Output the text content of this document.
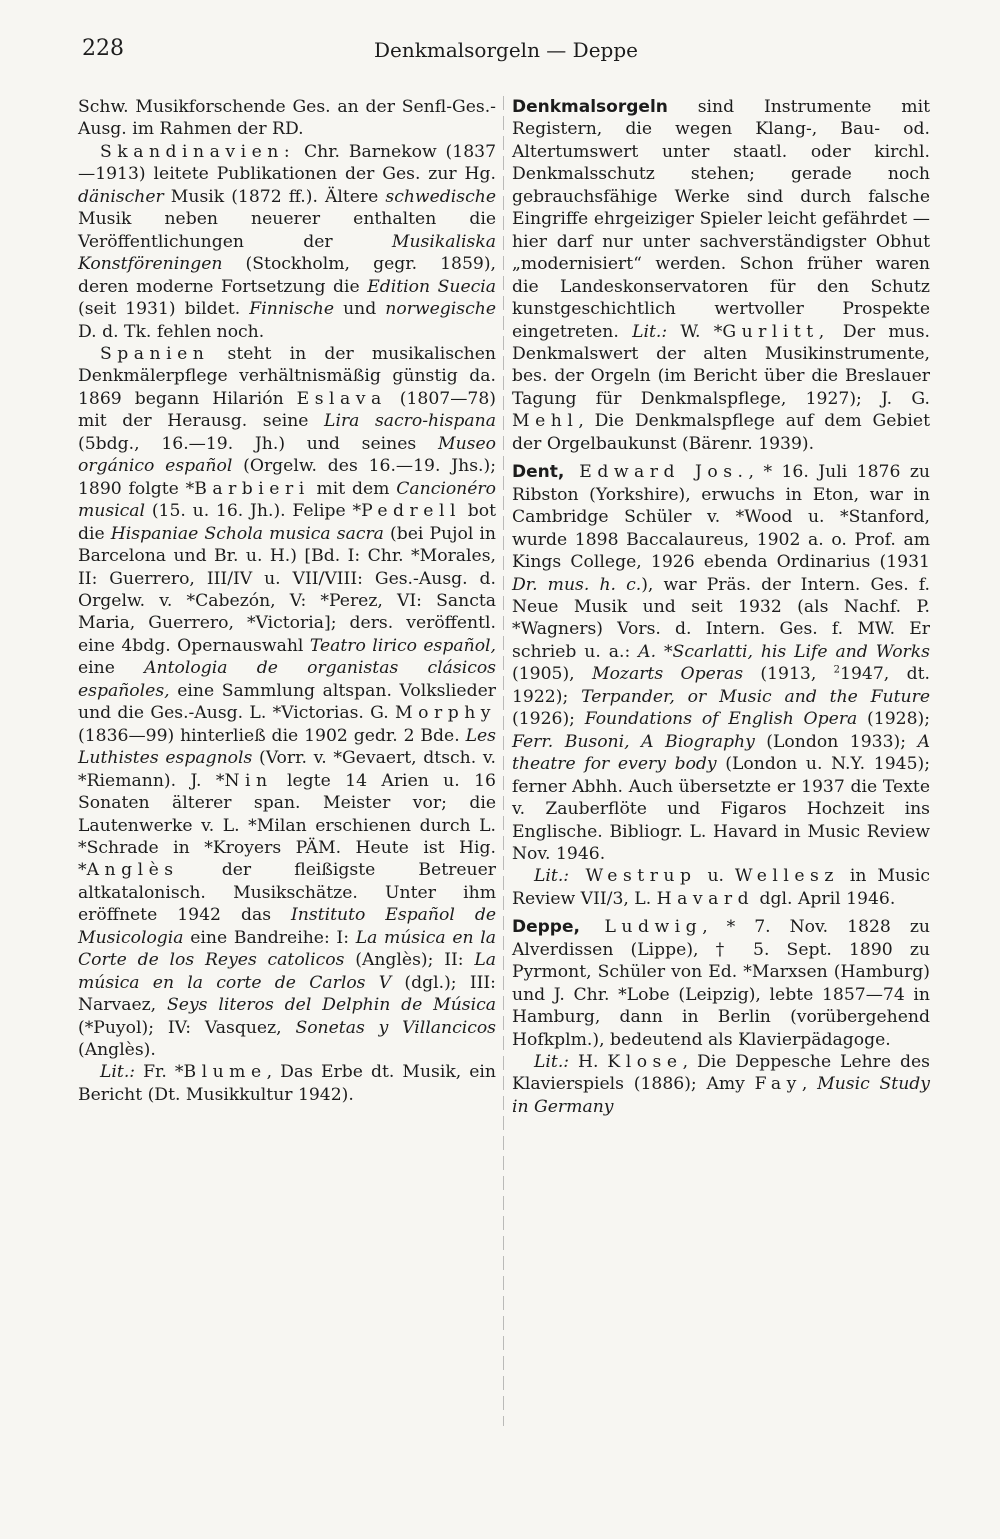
228	Denkmalsorgeln — Deppe

Schw. Musikforschende Ges. an der Senfl-Ges.-Ausg. im Rahmen der RD.

Skandinavien: Chr. Barnekow (1837—1913) leitete Publikationen der Ges. zur Hg. dänischer Musik (1872 ff.). Ältere schwedische Musik neben neuerer enthalten die Veröffentlichungen der Musikaliska Konstföreningen (Stockholm, gegr. 1859), deren moderne Fortsetzung die Edition Suecia (seit 1931) bildet. Finnische und norwegische D. d. Tk. fehlen noch.

Spanien steht in der musikalischen Denkmälerpflege verhältnismäßig günstig da. 1869 begann Hilarión Eslava (1807—78) mit der Herausg. seine Lira sacro-hispana (5bdg., 16.—19. Jh.) und seines Museo orgánico español (Orgelw. des 16.—19. Jhs.); 1890 folgte *Barbieri mit dem Cancionéro musical (15. u. 16. Jh.). Felipe *Pedrell bot die Hispaniae Schola musica sacra (bei Pujol in Barcelona und Br. u. H.) [Bd. I: Chr. *Morales, II: Guerrero, III/IV u. VII/VIII: Ges.-Ausg. d. Orgelw. v. *Cabezón, V: *Perez, VI: Sancta Maria, Guerrero, *Victoria]; ders. veröffentl. eine 4bdg. Opernauswahl Teatro lirico español, eine Antologia de organistas clásicos españoles, eine Sammlung altspan. Volkslieder und die Ges.-Ausg. L. *Victorias. G. Morphy (1836—99) hinterließ die 1902 gedr. 2 Bde. Les Luthistes espagnols (Vorr. v. *Gevaert, dtsch. v. *Riemann). J. *Nin legte 14 Arien u. 16 Sonaten älterer span. Meister vor; die Lautenwerke v. L. *Milan erschienen durch L. *Schrade in *Kroyers PÄM. Heute ist Hig. *Anglès der fleißigste Betreuer altkatalonisch. Musikschätze. Unter ihm eröffnete 1942 das Instituto Español de Musicologia eine Bandreihe: I: La música en la Corte de los Reyes catolicos (Anglès); II: La música en la corte de Carlos V (dgl.); III: Narvaez, Seys literos del Delphin de Música (*Puyol); IV: Vasquez, Sonetas y Villancicos (Anglès).

Lit.: Fr. *Blume, Das Erbe dt. Musik, ein Bericht (Dt. Musikkultur 1942).

Denkmalsorgeln sind Instrumente mit Registern, die wegen Klang-, Bau- od. Altertumswert unter staatl. oder kirchl. Denkmalsschutz stehen; gerade noch gebrauchsfähige Werke sind durch falsche Eingriffe ehrgeiziger Spieler leicht gefährdet — hier darf nur unter sachverständigster Obhut „modernisiert“ werden. Schon früher waren die Landeskonservatoren für den Schutz kunstgeschichtlich wertvoller Prospekte eingetreten. Lit.: W. *Gurlitt, Der mus. Denkmalswert der alten Musikinstrumente, bes. der Orgeln (im Bericht über die Breslauer Tagung für Denkmalspflege, 1927); J. G. Mehl, Die Denkmalspflege auf dem Gebiet der Orgelbaukunst (Bärenr. 1939).

Dent, Edward Jos., * 16. Juli 1876 zu Ribston (Yorkshire), erwuchs in Eton, war in Cambridge Schüler v. *Wood u. *Stanford, wurde 1898 Baccalaureus, 1902 a. o. Prof. am Kings College, 1926 ebenda Ordinarius (1931 Dr. mus. h. c.), war Präs. der Intern. Ges. f. Neue Musik und seit 1932 (als Nachf. P. *Wagners) Vors. d. Intern. Ges. f. MW. Er schrieb u. a.: A. *Scarlatti, his Life and Works (1905), Mozarts Operas (1913, $^2$1947, dt. 1922); Terpander, or Music and the Future (1926); Foundations of English Opera (1928); Ferr. Busoni, A Biography (London 1933); A theatre for every body (London u. N.Y. 1945); ferner Abhh. Auch übersetzte er 1937 die Texte v. Zauberflöte und Figaros Hochzeit ins Englische. Bibliogr. L. Havard in Music Review Nov. 1946.

Lit.: Westrup u. Wellesz in Music Review VII/3, L. Havard dgl. April 1946.

Deppe, Ludwig, * 7. Nov. 1828 zu Alverdissen (Lippe), † 5. Sept. 1890 zu Pyrmont, Schüler von Ed. *Marxsen (Hamburg) und J. Chr. *Lobe (Leipzig), lebte 1857—74 in Hamburg, dann in Berlin (vorübergehend Hofkplm.), bedeutend als Klavierpädagoge.

Lit.: H. Klose, Die Deppesche Lehre des Klavierspiels (1886); Amy Fay, Music Study in Germany
